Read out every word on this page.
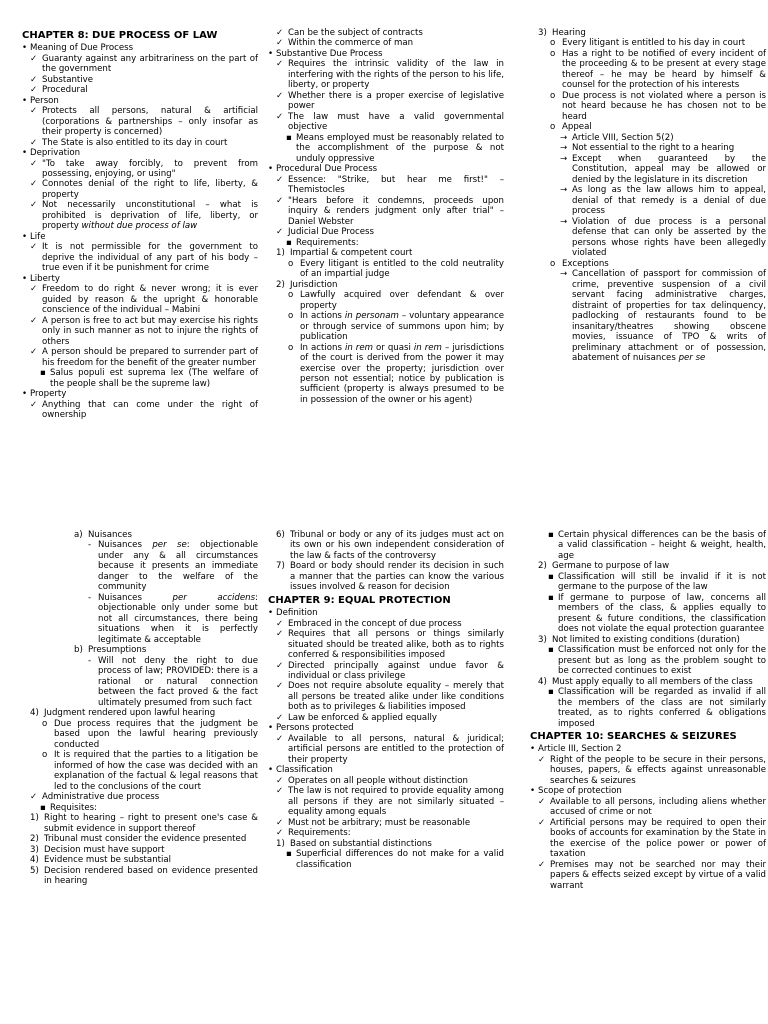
CHAPTER 8: DUE PROCESS OF LAW
• Meaning of Due Process
✓ Guaranty against any arbitrariness on the part of the government
✓ Substantive
✓ Procedural
• Person
✓ Protects all persons, natural & artificial (corporations & partnerships – only insofar as their property is concerned)
✓ The State is also entitled to its day in court
• Deprivation
✓ "To take away forcibly, to prevent from possessing, enjoying, or using"
✓ Connotes denial of the right to life, liberty, & property
✓ Not necessarily unconstitutional – what is prohibited is deprivation of life, liberty, or property without due process of law
• Life
✓ It is not permissible for the government to deprive the individual of any part of his body – true even if it be punishment for crime
• Liberty
✓ Freedom to do right & never wrong; it is ever guided by reason & the upright & honorable conscience of the individual – Mabini
✓ A person is free to act but may exercise his rights only in such manner as not to injure the rights of others
✓ A person should be prepared to surrender part of his freedom for the benefit of the greater number
▪ Salus populi est suprema lex (The welfare of the people shall be the supreme law)
• Property
✓ Anything that can come under the right of ownership
✓ Can be the subject of contracts
✓ Within the commerce of man
• Substantive Due Process
✓ Requires the intrinsic validity of the law in interfering with the rights of the person to his life, liberty, or property
✓ Whether there is a proper exercise of legislative power
✓ The law must have a valid governmental objective
▪ Means employed must be reasonably related to the accomplishment of the purpose & not unduly oppressive
• Procedural Due Process
✓ Essence: "Strike, but hear me first!" – Themistocles
✓ "Hears before it condemns, proceeds upon inquiry & renders judgment only after trial" – Daniel Webster
✓ Judicial Due Process
▪ Requirements:
1) Impartial & competent court
o Every litigant is entitled to the cold neutrality of an impartial judge
2) Jurisdiction
o Lawfully acquired over defendant & over property
o In actions in personam – voluntary appearance or through service of summons upon him; by publication
o In actions in rem or quasi in rem – jurisdictions of the court is derived from the power it may exercise over the property; jurisdiction over person not essential; notice by publication is sufficient (property is always presumed to be in possession of the owner or his agent)
3) Hearing
o Every litigant is entitled to his day in court
o Has a right to be notified of every incident of the proceeding & to be present at every stage thereof – he may be heard by himself & counsel for the protection of his interests
o Due process is not violated where a person is not heard because he has chosen not to be heard
o Appeal
→ Article VIII, Section 5(2)
→ Not essential to the right to a hearing
→ Except when guaranteed by the Constitution, appeal may be allowed or denied by the legislature in its discretion
→ As long as the law allows him to appeal, denial of that remedy is a denial of due process
→ Violation of due process is a personal defense that can only be asserted by the persons whose rights have been allegedly violated
o Exceptions
→ Cancellation of passport for commission of crime, preventive suspension of a civil servant facing administrative charges, distraint of properties for tax delinquency, padlocking of restaurants found to be insanitary/theatres showing obscene movies, issuance of TPO & writs of preliminary attachment or of possession, abatement of nuisances per se
a) Nuisances
- Nuisances per se: objectionable under any & all circumstances because it presents an immediate danger to the welfare of the community
- Nuisances per accidens: objectionable only under some but not all circumstances, there being situations when it is perfectly legitimate & acceptable
b) Presumptions
- Will not deny the right to due process of law; PROVIDED: there is a rational or natural connection between the fact proved & the fact ultimately presumed from such fact
4) Judgment rendered upon lawful hearing
o Due process requires that the judgment be based upon the lawful hearing previously conducted
o It is required that the parties to a litigation be informed of how the case was decided with an explanation of the factual & legal reasons that led to the conclusions of the court
✓ Administrative due process
▪ Requisites:
1) Right to hearing – right to present one's case & submit evidence in support thereof
2) Tribunal must consider the evidence presented
3) Decision must have support
4) Evidence must be substantial
5) Decision rendered based on evidence presented in hearing
6) Tribunal or body or any of its judges must act on its own or his own independent consideration of the law & facts of the controversy
7) Board or body should render its decision in such a manner that the parties can know the various issues involved & reason for decision
CHAPTER 9: EQUAL PROTECTION
• Definition
✓ Embraced in the concept of due process
✓ Requires that all persons or things similarly situated should be treated alike, both as to rights conferred & responsibilities imposed
✓ Directed principally against undue favor & individual or class privilege
✓ Does not require absolute equality – merely that all persons be treated alike under like conditions both as to privileges & liabilities imposed
✓ Law be enforced & applied equally
• Persons protected
✓ Available to all persons, natural & juridical; artificial persons are entitled to the protection of their property
• Classification
✓ Operates on all people without distinction
✓ The law is not required to provide equality among all persons if they are not similarly situated – equality among equals
✓ Must not be arbitrary; must be reasonable
✓ Requirements:
1) Based on substantial distinctions
▪ Superficial differences do not make for a valid classification
▪ Certain physical differences can be the basis of a valid classification – height & weight, health, age
2) Germane to purpose of law
▪ Classification will still be invalid if it is not germane to the purpose of the law
▪ If germane to purpose of law, concerns all members of the class, & applies equally to present & future conditions, the classification does not violate the equal protection guarantee
3) Not limited to existing conditions (duration)
▪ Classification must be enforced not only for the present but as long as the problem sought to be corrected continues to exist
4) Must apply equally to all members of the class
▪ Classification will be regarded as invalid if all the members of the class are not similarly treated, as to rights conferred & obligations imposed
CHAPTER 10: SEARCHES & SEIZURES
• Article III, Section 2
✓ Right of the people to be secure in their persons, houses, papers, & effects against unreasonable searches & seizures
• Scope of protection
✓ Available to all persons, including aliens whether accused of crime or not
✓ Artificial persons may be required to open their books of accounts for examination by the State in the exercise of the police power or power of taxation
✓ Premises may not be searched nor may their papers & effects seized except by virtue of a valid warrant
